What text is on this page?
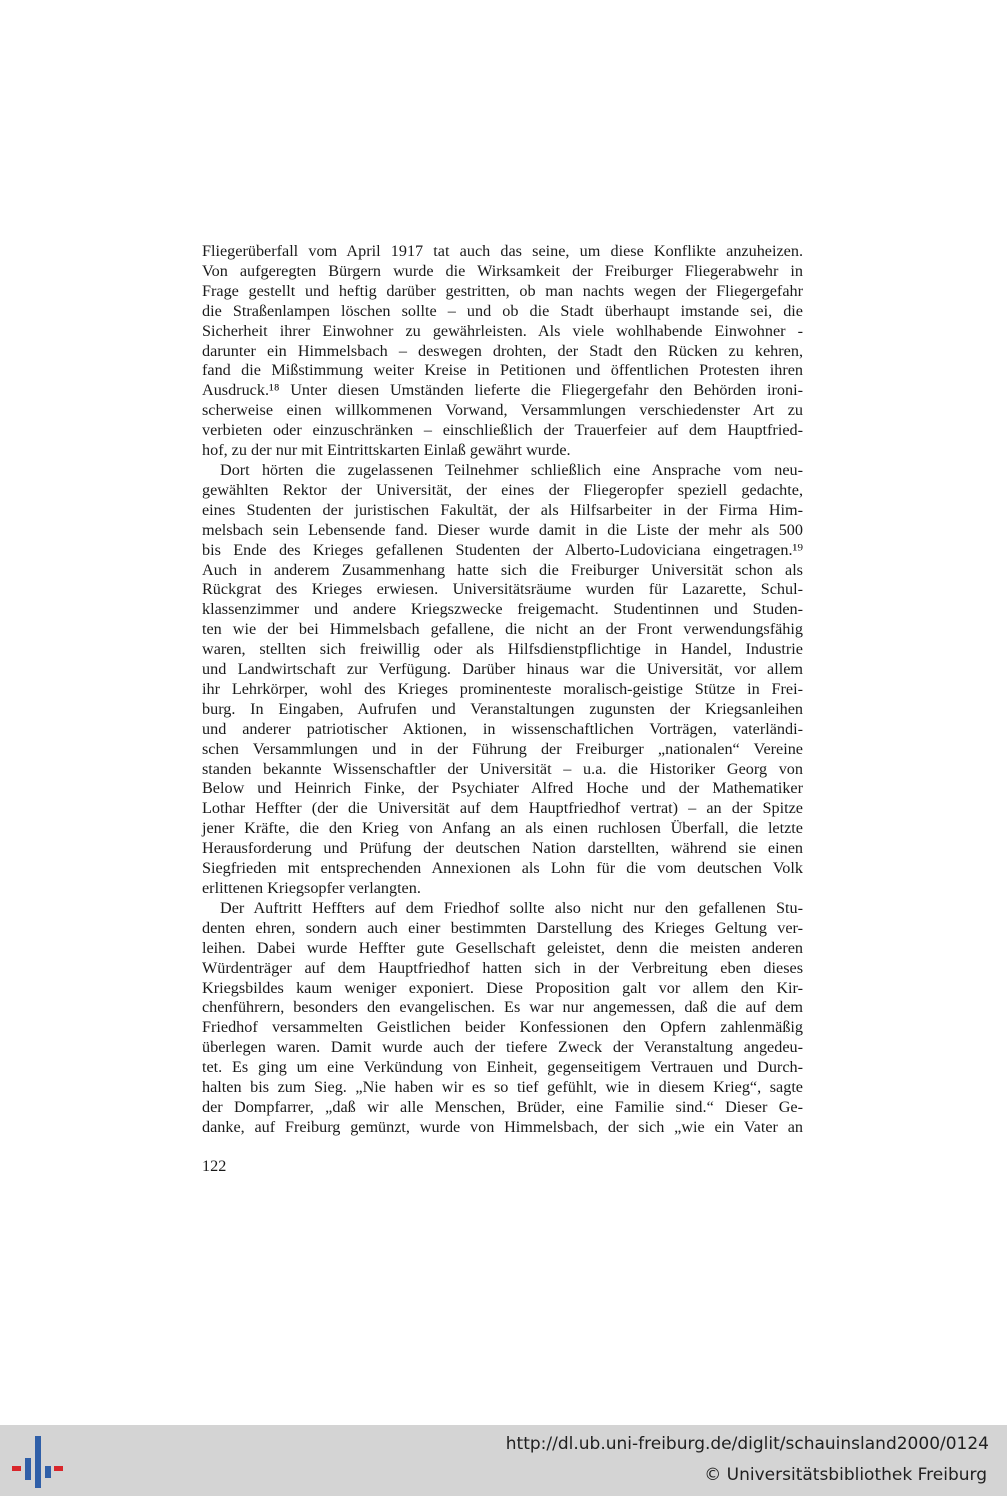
Fliegerüberfall vom April 1917 tat auch das seine, um diese Konflikte anzuheizen.

Von aufgeregten Bürgern wurde die Wirksamkeit der Freiburger Fliegerabwehr in

Frage gestellt und heftig darüber gestritten, ob man nachts wegen der Fliegergefahr

die Straßenlampen löschen sollte – und ob die Stadt überhaupt imstande sei, die

Sicherheit ihrer Einwohner zu gewährleisten. Als viele wohlhabende Einwohner -

darunter ein Himmelsbach – deswegen drohten, der Stadt den Rücken zu kehren,

fand die Mißstimmung weiter Kreise in Petitionen und öffentlichen Protesten ihren

Ausdruck.¹⁸ Unter diesen Umständen lieferte die Fliegergefahr den Behörden ironi-

scherweise einen willkommenen Vorwand, Versammlungen verschiedenster Art zu

verbieten oder einzuschränken – einschließlich der Trauerfeier auf dem Hauptfried-

hof, zu der nur mit Eintrittskarten Einlaß gewährt wurde.

Dort hörten die zugelassenen Teilnehmer schließlich eine Ansprache vom neu-

gewählten Rektor der Universität, der eines der Fliegeropfer speziell gedachte,

eines Studenten der juristischen Fakultät, der als Hilfsarbeiter in der Firma Him-

melsbach sein Lebensende fand. Dieser wurde damit in die Liste der mehr als 500

bis Ende des Krieges gefallenen Studenten der Alberto-Ludoviciana eingetragen.¹⁹

Auch in anderem Zusammenhang hatte sich die Freiburger Universität schon als

Rückgrat des Krieges erwiesen. Universitätsräume wurden für Lazarette, Schul-

klassenzimmer und andere Kriegszwecke freigemacht. Studentinnen und Studen-

ten wie der bei Himmelsbach gefallene, die nicht an der Front verwendungsfähig

waren, stellten sich freiwillig oder als Hilfsdienstpflichtige in Handel, Industrie

und Landwirtschaft zur Verfügung. Darüber hinaus war die Universität, vor allem

ihr Lehrkörper, wohl des Krieges prominenteste moralisch-geistige Stütze in Frei-

burg. In Eingaben, Aufrufen und Veranstaltungen zugunsten der Kriegsanleihen

und anderer patriotischer Aktionen, in wissenschaftlichen Vorträgen, vaterländi-

schen Versammlungen und in der Führung der Freiburger „nationalen“ Vereine

standen bekannte Wissenschaftler der Universität – u.a. die Historiker Georg von

Below und Heinrich Finke, der Psychiater Alfred Hoche und der Mathematiker

Lothar Heffter (der die Universität auf dem Hauptfriedhof vertrat) – an der Spitze

jener Kräfte, die den Krieg von Anfang an als einen ruchlosen Überfall, die letzte

Herausforderung und Prüfung der deutschen Nation darstellten, während sie einen

Siegfrieden mit entsprechenden Annexionen als Lohn für die vom deutschen Volk

erlittenen Kriegsopfer verlangten.

Der Auftritt Heffters auf dem Friedhof sollte also nicht nur den gefallenen Stu-

denten ehren, sondern auch einer bestimmten Darstellung des Krieges Geltung ver-

leihen. Dabei wurde Heffter gute Gesellschaft geleistet, denn die meisten anderen

Würdenträger auf dem Hauptfriedhof hatten sich in der Verbreitung eben dieses

Kriegsbildes kaum weniger exponiert. Diese Proposition galt vor allem den Kir-

chenführern, besonders den evangelischen. Es war nur angemessen, daß die auf dem

Friedhof versammelten Geistlichen beider Konfessionen den Opfern zahlenmäßig

überlegen waren. Damit wurde auch der tiefere Zweck der Veranstaltung angedeu-

tet. Es ging um eine Verkündung von Einheit, gegenseitigem Vertrauen und Durch-

halten bis zum Sieg. „Nie haben wir es so tief gefühlt, wie in diesem Krieg“, sagte

der Dompfarrer, „daß wir alle Menschen, Brüder, eine Familie sind.“ Dieser Ge-

danke, auf Freiburg gemünzt, wurde von Himmelsbach, der sich „wie ein Vater an

122
http://dl.ub.uni-freiburg.de/diglit/schauinsland2000/0124
© Universitätsbibliothek Freiburg
